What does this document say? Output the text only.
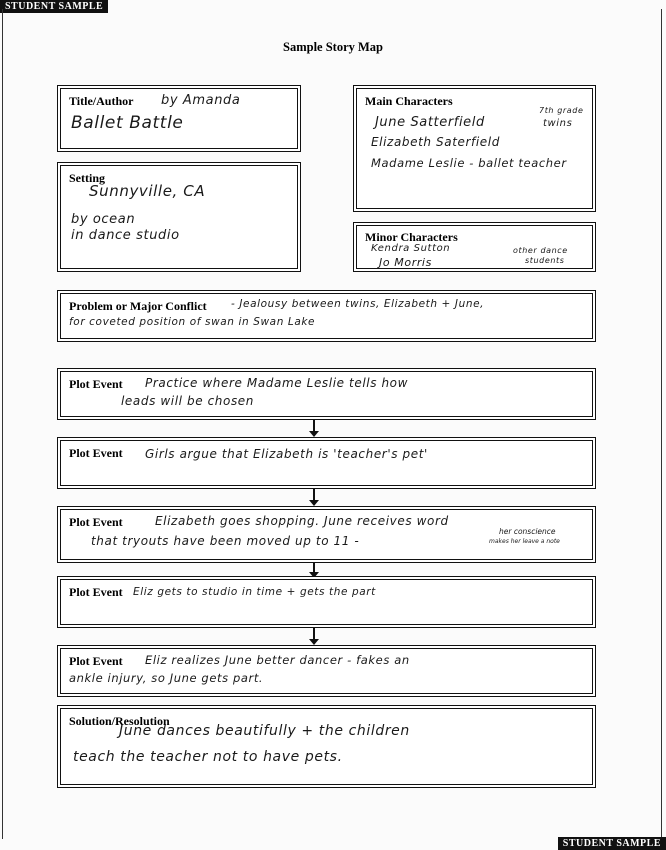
STUDENT SAMPLE
Sample Story Map
Title/Author by Amanda
Ballet Battle
Main Characters
June Satterfield
7th grade
twins
Elizabeth Saterfield
Madame Leslie - ballet teacher
Setting
Sunnyville, CA
by ocean
in dance studio	Minor Characters
Kendra Sutton
Jo Morris
other dance
students
Problem or Major Conflict - Jealousy between twins, Elizabeth + June,
for coveted position of swan in Swan Lake
Plot Event Practice where Madame Leslie tells how
leads will be chosen
Plot Event Girls argue that Elizabeth is 'teacher's pet'
Plot Event	Elizabeth goes shopping. June receives word
that tryouts have been moved up to 11 -
her conscience
makes her leave a note
Plot Event Eliz gets to studio in time + gets the part
Plot Event Eliz realizes June better dancer - fakes an
ankle injury, so June gets part.
Solution/Resolution
June dances beautifully + the children
teach the teacher not to have pets.
STUDENT SAMPLE
